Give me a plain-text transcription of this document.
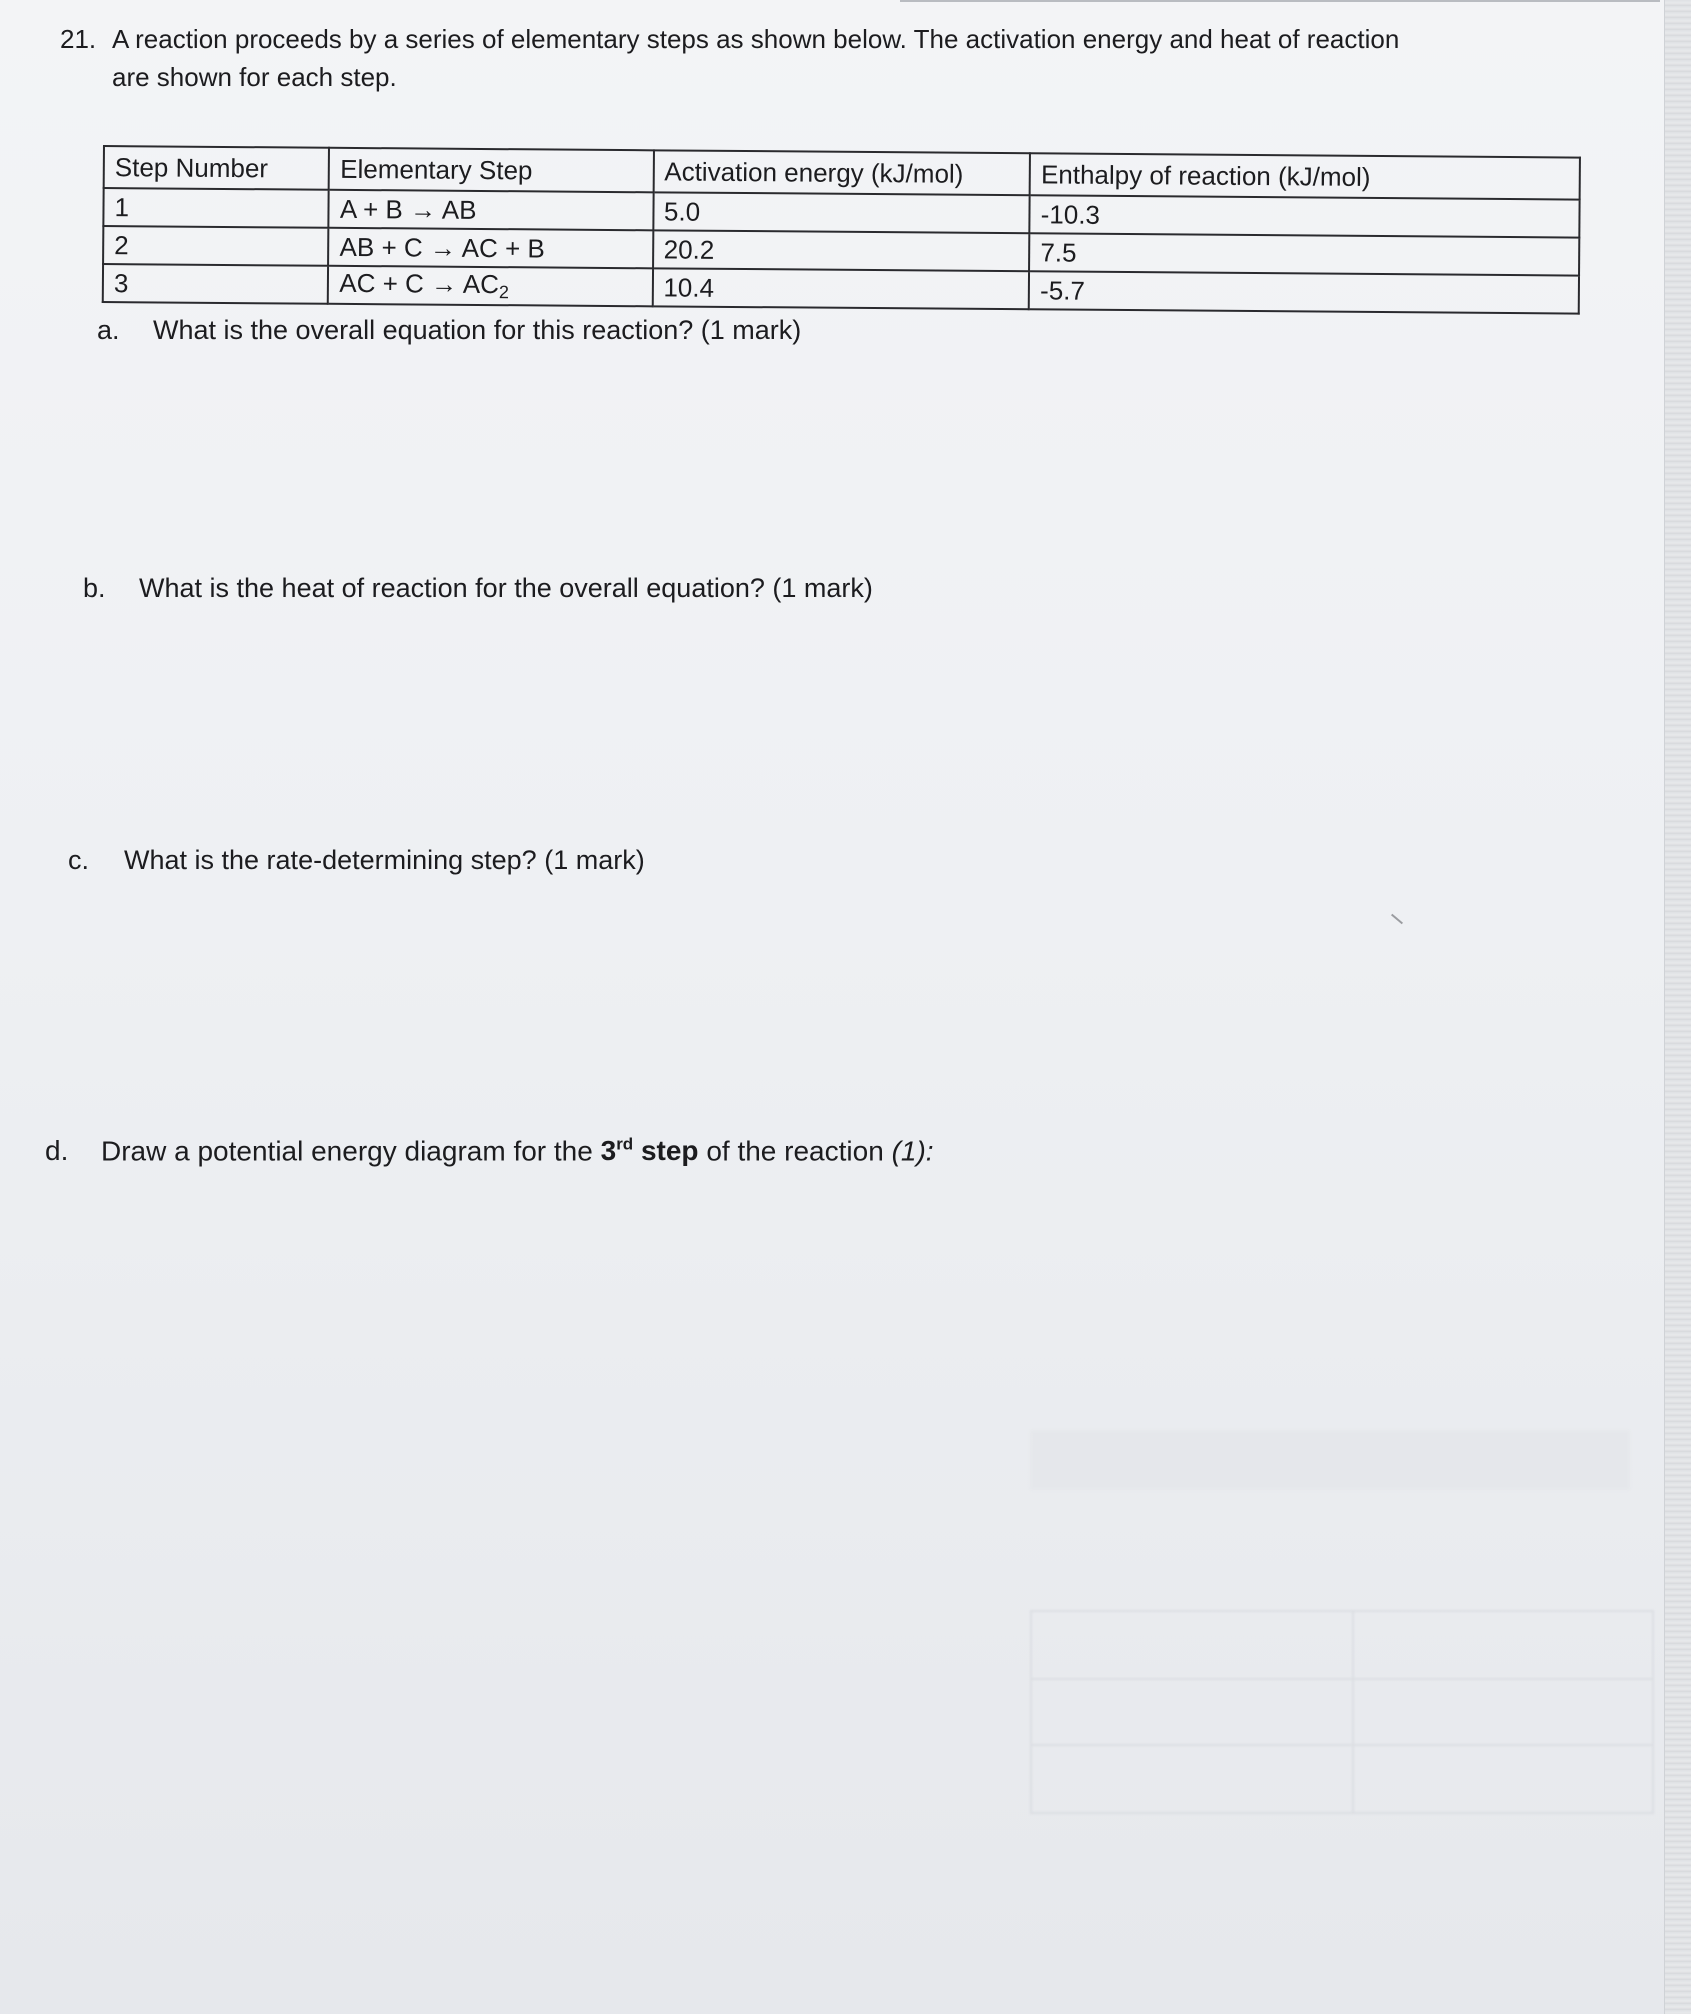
21. A reaction proceeds by a series of elementary steps as shown below. The activation energy and heat of reaction
are shown for each step.
Step Number	Elementary Step	Activation energy (kJ/mol)	Enthalpy of reaction (kJ/mol)
1	A + B → AB	5.0	-10.3
2	AB + C → AC + B	20.2	7.5
3	AC + $C \to AC_2$	10.4	-5.7
a. What is the overall equation for this reaction? (1 mark)
b. What is the heat of reaction for the overall equation? (1 mark)
c. What is the rate-determining step? (1 mark)
d. Draw a potential energy diagram for the 3rd step of the reaction (1):
